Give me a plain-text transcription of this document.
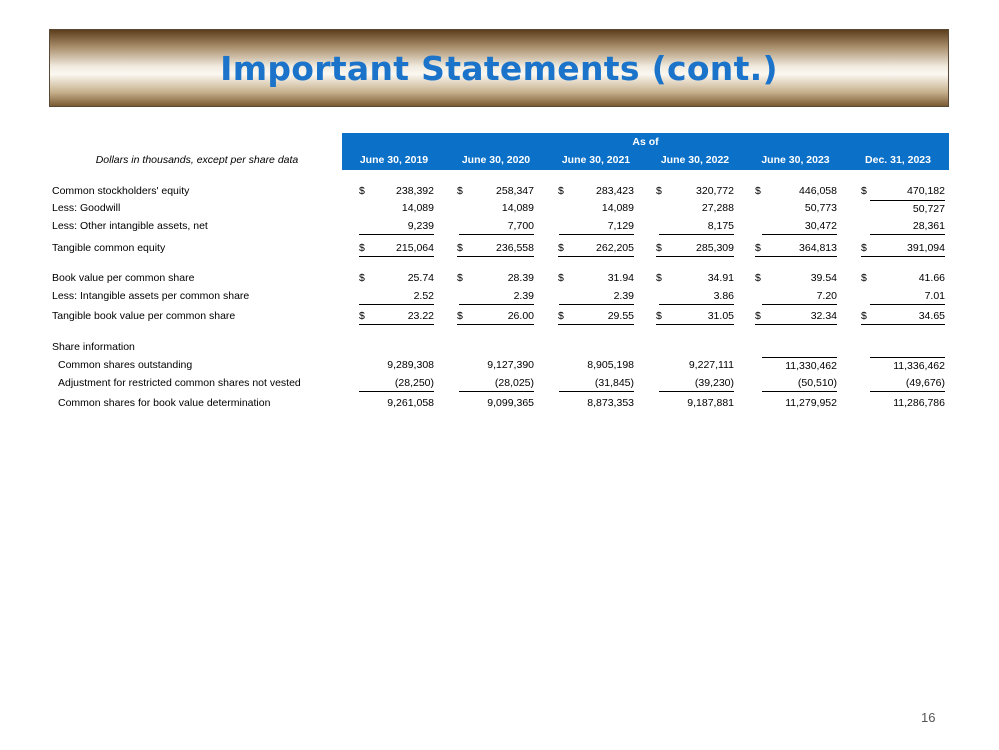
Important Statements (cont.)
As of
Dollars in thousands, except per share data	June 30, 2019	June 30, 2020	June 30, 2021	June 30, 2022	June 30, 2023	Dec. 31, 2023
Common stockholders' equity	$	238,392 $	258,347 $	283,423 $	320,772 $	446,058 $	470,182
Less: Goodwill	14,089	14,089	14,089	27,288	50,773	50,727
Less: Other intangible assets, net	9,239	7,700	7,129	8,175	30,472	28,361
Tangible common equity	$	215,064 $	236,558 $	262,205 $	285,309 $	364,813 $	391,094
Book value per common share	$	25.74 $	28.39 $	31.94 $	34.91 $	39.54 $	41.66
Less: Intangible assets per common share	2.52	2.39	2.39	3.86	7.20	7.01
Tangible book value per common share	$	23.22 $	26.00 $	29.55 $	31.05 $	32.34 $	34.65
Share information
Common shares outstanding	9,289,308	9,127,390	8,905,198	9,227,111	11,330,462	11,336,462
Adjustment for restricted common shares not vested	(28,250)	(28,025)	(31,845)	(39,230)	(50,510)	(49,676)
Common shares for book value determination	9,261,058	9,099,365	8,873,353	9,187,881	11,279,952	11,286,786
16
